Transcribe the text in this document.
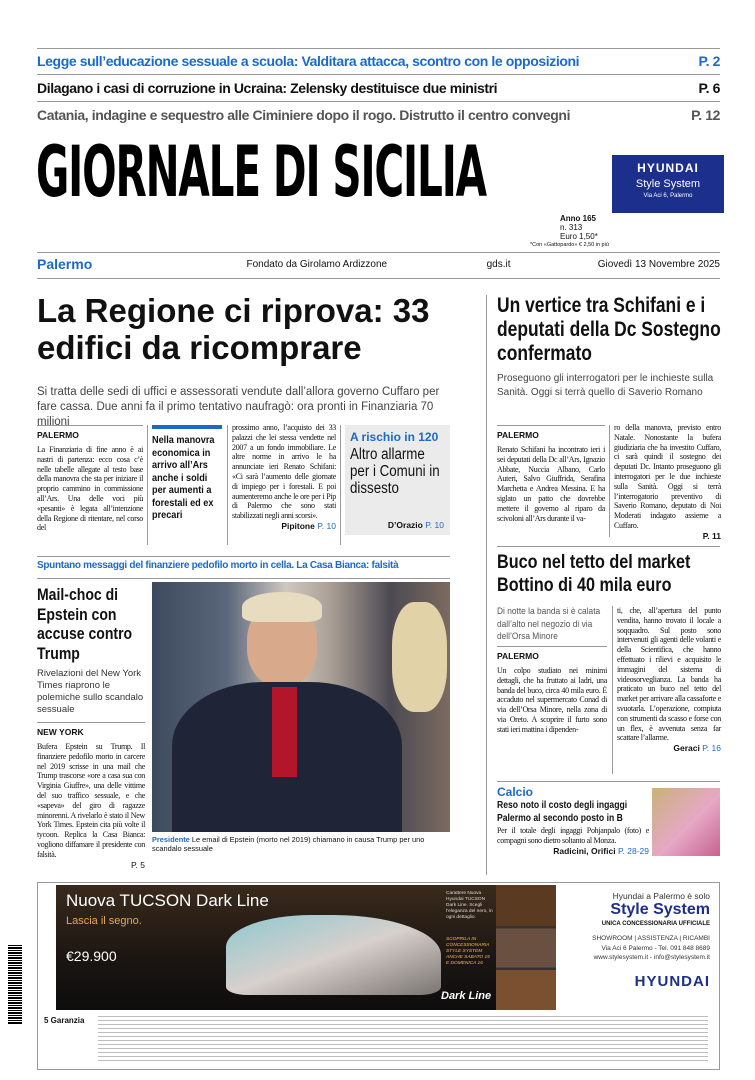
Legge sull’educazione sessuale a scuola: Valditara attacca, scontro con le opposizioni	P. 2
Dilagano i casi di corruzione in Ucraina: Zelensky destituisce due ministri	P. 6
Catania, indagine e sequestro alle Ciminiere dopo il rogo. Distrutto il centro convegni	P. 12
GIORNALE DI SICILIA	HYUNDAI
Style System
Via Aci 6, Palermo
Anno 165
n. 313
Euro 1,50*
*Con «Gattopardo» € 2,50 in più
Palermo	Fondato da Girolamo Ardizzone	gds.it	Giovedì 13 Novembre 2025
La Regione ci riprova: 33 edifici da ricomprare
Si tratta delle sedi di uffici e assessorati vendute dall’allora governo Cuffaro per fare cassa. Due anni fa il primo tentativo naufragò: ora pronti in Finanziaria 70 milioni
PALERMO
La Finanziaria di fine anno è ai nastri di partenza: ecco cosa c’è nelle tabelle allegate al testo base della manovra che sta per iniziare il proprio cammino in commissione all’Ars. Una delle voci più «pesanti» è legata all’intenzione della Regione di ritentare, nel corso del
Nella manovra economica in arrivo all’Ars anche i soldi per aumenti a forestali ed ex precari
prossimo anno, l’acquisto dei 33 palazzi che lei stessa vendette nel 2007 a un fondo immobiliare. Le altre norme in arrivo le ha annunciate ieri Renato Schifani: «Ci sarà l’aumento delle giornate di impiego per i forestali. E poi aumenteremo anche le ore per i Pip di Palermo che sono stati stabilizzati negli anni scorsi».
Pipitone P. 10
A rischio in 120
Altro allarme per i Comuni in dissesto
D’Orazio P. 10
Un vertice tra Schifani e i deputati della Dc Sostegno confermato
Proseguono gli interrogatori per le inchieste sulla Sanità. Oggi si terrà quello di Saverio Romano
PALERMO
Renato Schifani ha incontrato ieri i sei deputati della Dc all’Ars, Ignazio Abbate, Nuccia Albano, Carlo Auteri, Salvo Giuffrida, Serafina Marchetta e Andrea Messina. E ha siglato un patto che dovrebbe mettere il governo al riparo da scivoloni all’Ars durante il va-
ro della manovra, previsto entro Natale. Nonostante la bufera giudiziaria che ha investito Cuffaro, ci sarà quindi il sostegno dei deputati Dc. Intanto proseguono gli interrogatori per le due inchieste sulla Sanità. Oggi si terrà l’interrogatorio preventivo di Saverio Romano, deputato di Noi Moderati indagato assieme a Cuffaro.
P. 11
Spuntano messaggi del finanziere pedofilo morto in cella. La Casa Bianca: falsità
Mail-choc di Epstein con accuse contro Trump
Rivelazioni del New York Times riaprono le polemiche sullo scandalo sessuale
NEW YORK
Bufera Epstein su Trump. Il finanziere pedofilo morto in carcere nel 2019 scrisse in una mail che Trump trascorse «ore a casa sua con Virginia Giuffre», una delle vittime del suo traffico sessuale, e che «sapeva» del giro di ragazze minorenni. A rivelarlo è stato il New York Times. Epstein cita più volte il tycoon. Replica la Casa Bianca: vogliono diffamare il presidente con falsità.
P. 5
Presidente Le email di Epstein (morto nel 2019) chiamano in causa Trump per uno scandalo sessuale
Buco nel tetto del market Bottino di 40 mila euro
Di notte la banda si è calata dall’alto nel negozio di via dell’Orsa Minore
PALERMO
Un colpo studiato nei minimi dettagli, che ha fruttato ai ladri, una banda del buco, circa 40 mila euro. È accaduto nel supermercato Conad di via dell’Orsa Minore, nella zona di via Oreto. A scoprire il furto sono stati ieri mattina i dipenden-
ti, che, all’apertura del punto vendita, hanno trovato il locale a soqquadro. Sul posto sono intervenuti gli agenti delle volanti e della Scientifica, che hanno effettuato i rilievi e acquisito le immagini del sistema di videosorveglianza. La banda ha praticato un buco nel tetto del market per arrivare alla cassaforte e svuotarla. L’operazione, compiuta con strumenti da scasso e forse con un flex, è avvenuta senza far scattare l’allarme.
Geraci P. 16
Calcio
Reso noto il costo degli ingaggi Palermo al secondo posto in B
Per il totale degli ingaggi Pohjanpalo (foto) e compagni sono dietro soltanto al Monza.
Radicini, Orifici P. 28-29
Nuova TUCSON Dark Line
Lascia il segno.
€29.900
Carattere Nuova Hyundai TUCSON Dark Line. Scegli l’eleganza del nero, in ogni dettaglio.
SCOPRILA IN CONCESSIONARIA STYLE SYSTEM ANCHE SABATO 15 E DOMENICA 16
Dark Line
Hyundai a Palermo è solo
Style System
UNICA CONCESSIONARIA UFFICIALE
SHOWROOM | ASSISTENZA | RICAMBI
Via Aci 6 Palermo - Tel. 091 848 8689
www.stylesystem.it - info@stylesystem.it
HYUNDAI
5 Garanzia
